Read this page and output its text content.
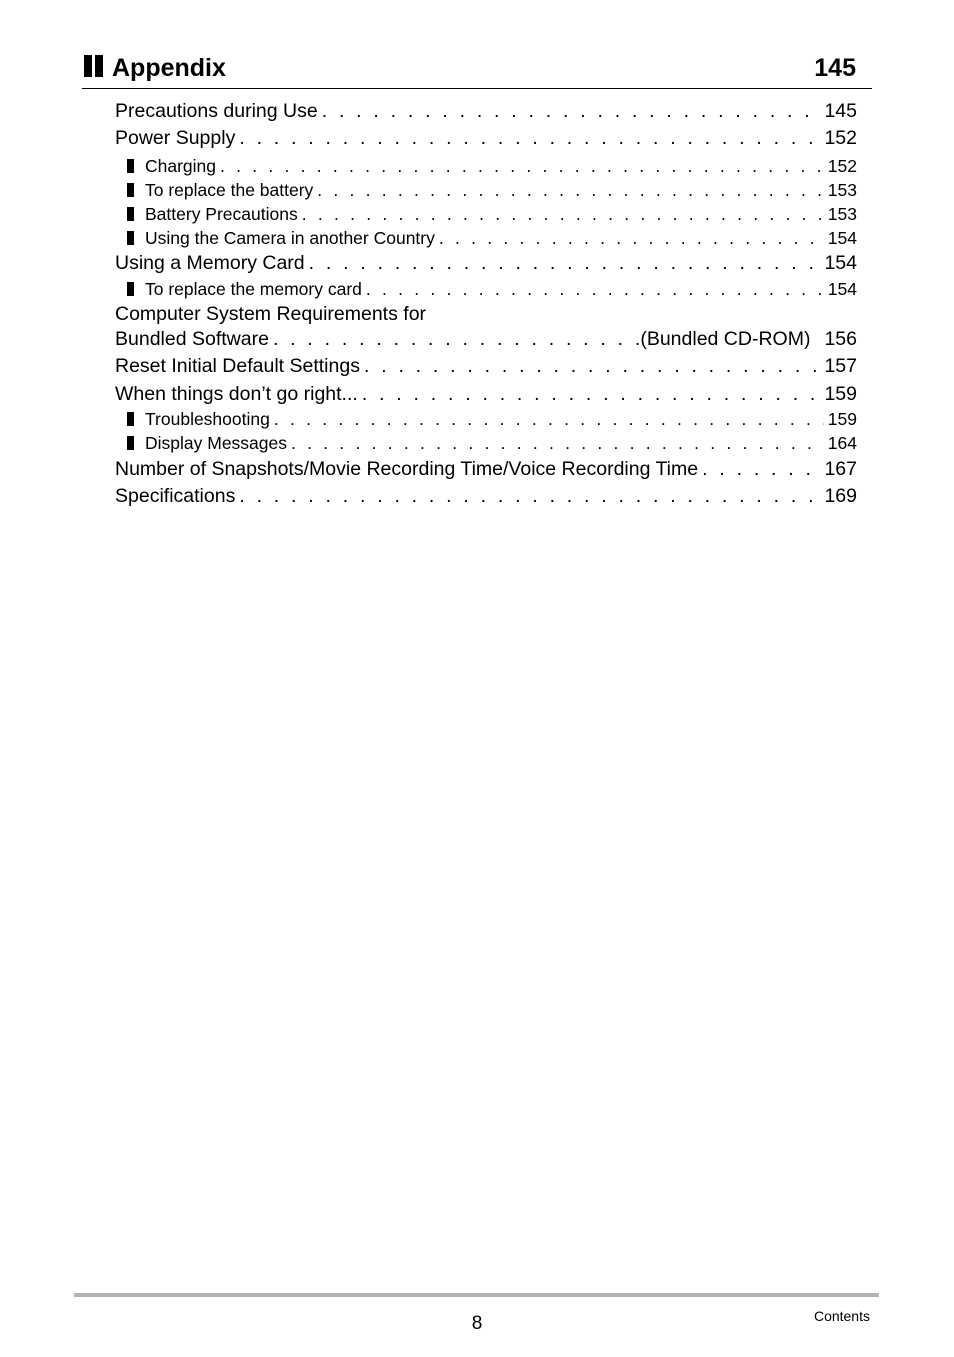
Appendix	145
Precautions during Use . . .	145
Power Supply . . .	152
Charging . . .	152
To replace the battery . . .	153
Battery Precautions . . .	153
Using the Camera in another Country . . .	154
Using a Memory Card . . .	154
To replace the memory card . . .	154
Computer System Requirements for
Bundled Software . . .	.(Bundled CD-ROM) 156
Reset Initial Default Settings . . .	157
When things don’t go right... . . .	159
Troubleshooting . . .	159
Display Messages . . .	164
Number of Snapshots/Movie Recording Time/Voice Recording Time . . .	167
Specifications . . .	169
8	Contents
